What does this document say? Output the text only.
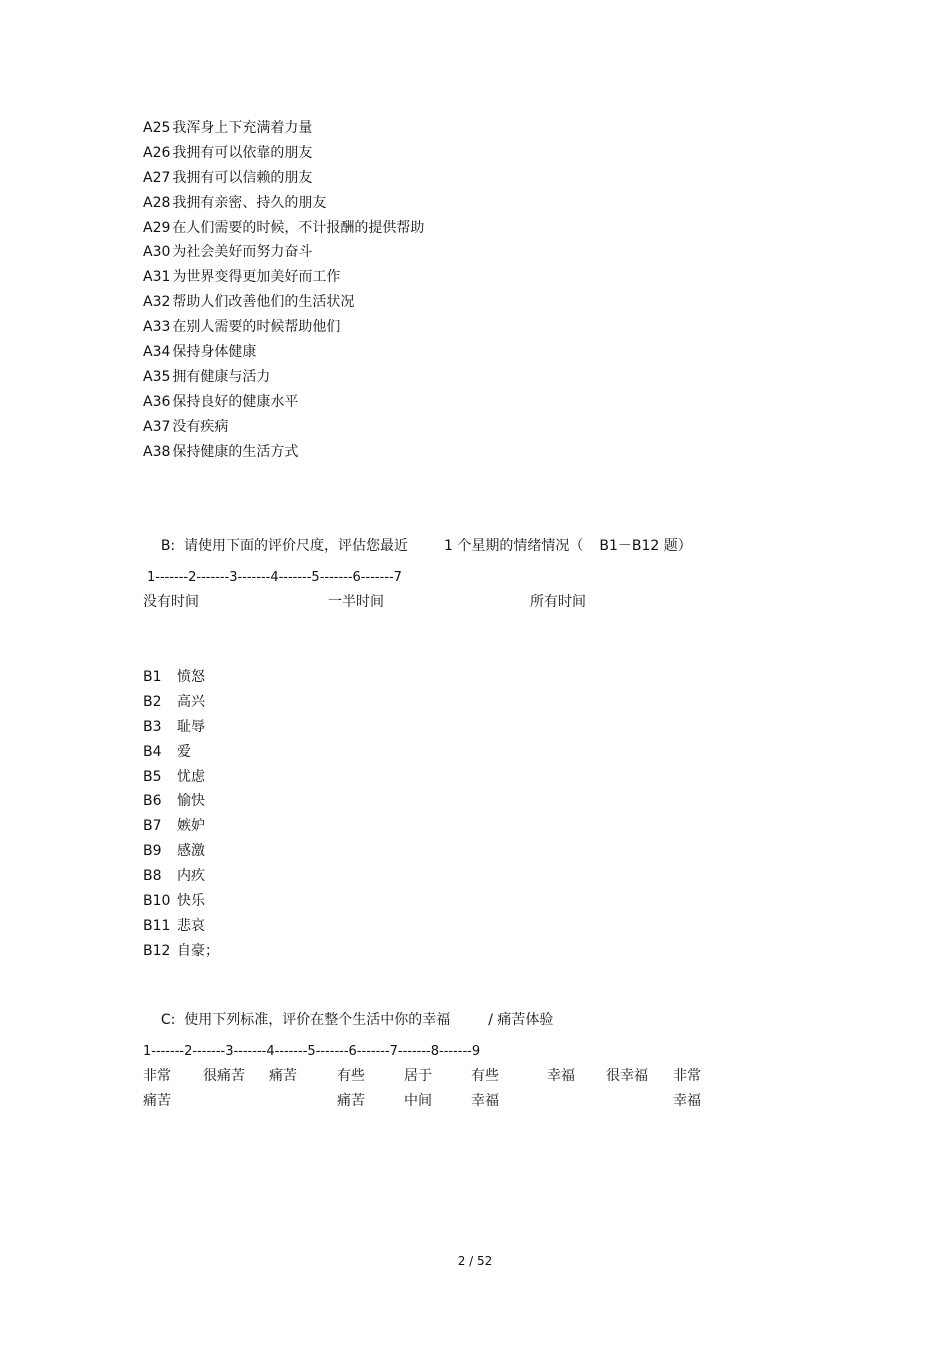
A25 我浑身上下充满着力量
A26 我拥有可以依靠的朋友
A27 我拥有可以信赖的朋友
A28 我拥有亲密、持久的朋友
A29 在人们需要的时候，不计报酬的提供帮助
A30 为社会美好而努力奋斗
A31 为世界变得更加美好而工作
A32 帮助人们改善他们的生活状况
A33 在别人需要的时候帮助他们
A34 保持身体健康
A35 拥有健康与活力
A36 保持良好的健康水平
A37 没有疾病
A38 保持健康的生活方式

B:  请使用下面的评价尺度，评估您最近	1 个星期的情绪情况（ B1－B12 题）

1-------2-------3-------4-------5-------6-------7
没有时间	一半时间	所有时间
B1 愤怒
B2 高兴
B3 耻辱
B4 爱
B5 忧虑
B6 愉快
B7 嫉妒
B9 感激
B8 内疚
B10 快乐
B11 悲哀
B12 自豪；

C:  使用下列标准，评价在整个生活中你的幸福	/ 痛苦体验

1-------2-------3-------4-------5-------6-------7-------8-------9
非常 很痛苦 痛苦	有些	居于	有些	幸福 很幸福 非常
痛苦	痛苦	中间	幸福	幸福
2 / 52
